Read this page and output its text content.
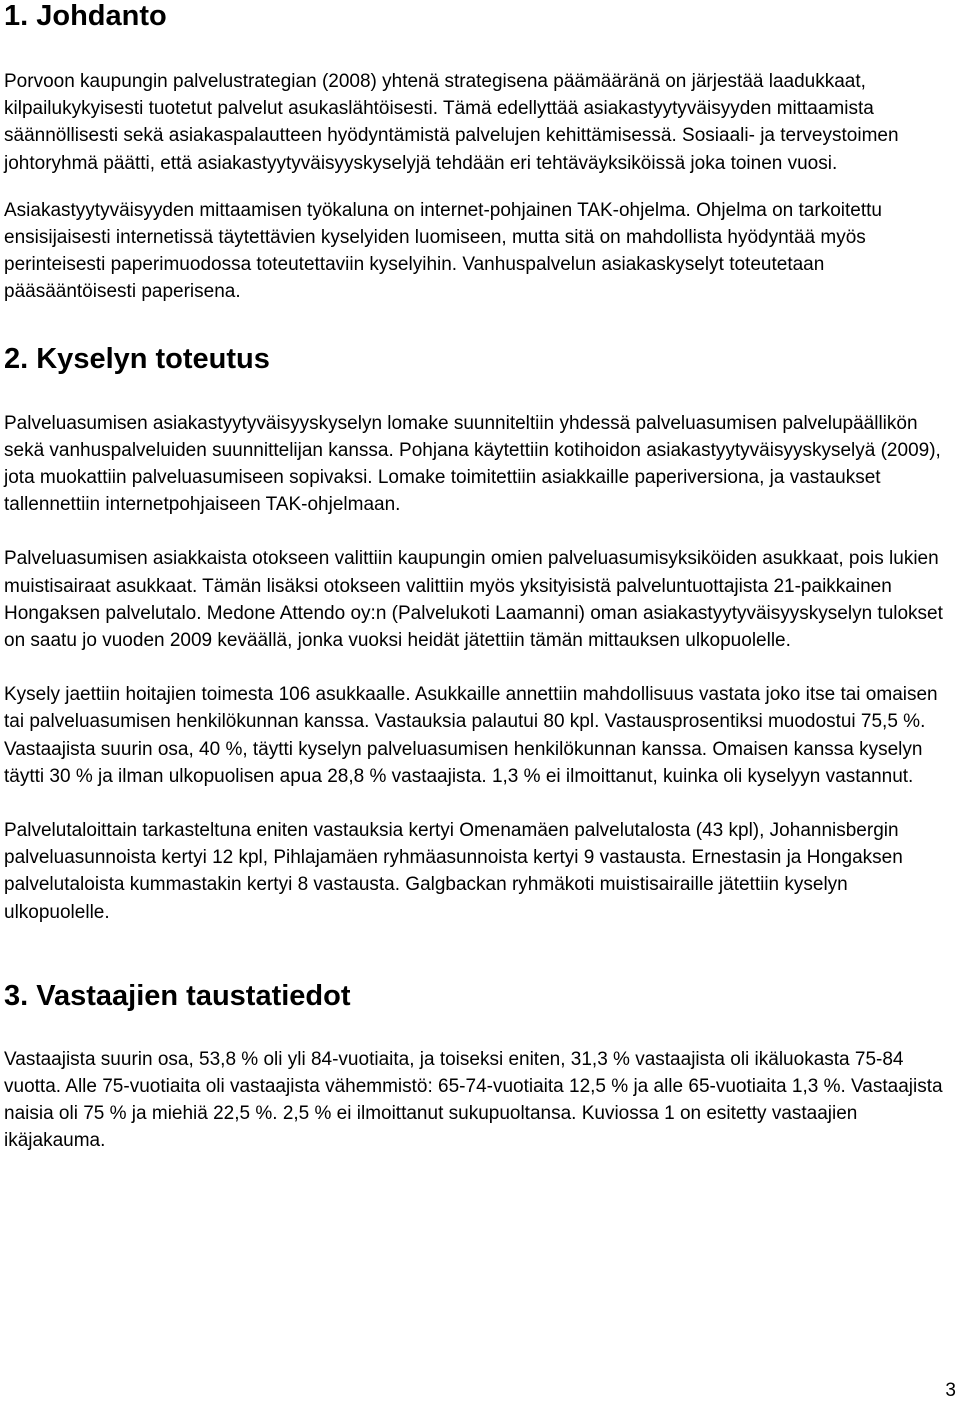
1. Johdanto

Porvoon kaupungin palvelustrategian (2008) yhtenä strategisena päämääränä on järjestää laadukkaat, kilpailukykyisesti tuotetut palvelut asukaslähtöisesti. Tämä edellyttää asiakastyytyväisyyden mittaamista säännöllisesti sekä asiakaspalautteen hyödyntämistä palvelujen kehittämisessä. Sosiaali- ja terveystoimen johtoryhmä päätti, että asiakastyytyväisyyskyselyjä tehdään eri tehtäväyksiköissä joka toinen vuosi.

Asiakastyytyväisyyden mittaamisen työkaluna on internet-pohjainen TAK-ohjelma. Ohjelma on tarkoitettu ensisijaisesti internetissä täytettävien kyselyiden luomiseen, mutta sitä on mahdollista hyödyntää myös perinteisesti paperimuodossa toteutettaviin kyselyihin. Vanhuspalvelun asiakaskyselyt toteutetaan pääsääntöisesti paperisena.

2. Kyselyn toteutus

Palveluasumisen asiakastyytyväisyyskyselyn lomake suunniteltiin yhdessä palveluasumisen palvelupäällikön sekä vanhuspalveluiden suunnittelijan kanssa. Pohjana käytettiin kotihoidon asiakastyytyväisyyskyselyä (2009), jota muokattiin palveluasumiseen sopivaksi. Lomake toimitettiin asiakkaille paperiversiona, ja vastaukset tallennettiin internetpohjaiseen TAK-ohjelmaan.

Palveluasumisen asiakkaista otokseen valittiin kaupungin omien palveluasumisyksiköiden asukkaat, pois lukien muistisairaat asukkaat. Tämän lisäksi otokseen valittiin myös yksityisistä palveluntuottajista 21-paikkainen Hongaksen palvelutalo. Medone Attendo oy:n (Palvelukoti Laamanni) oman asiakastyytyväisyyskyselyn tulokset on saatu jo vuoden 2009 keväällä, jonka vuoksi heidät jätettiin tämän mittauksen ulkopuolelle.

Kysely jaettiin hoitajien toimesta 106 asukkaalle. Asukkaille annettiin mahdollisuus vastata joko itse tai omaisen tai palveluasumisen henkilökunnan kanssa. Vastauksia palautui 80 kpl. Vastausprosentiksi muodostui 75,5 %. Vastaajista suurin osa, 40 %, täytti kyselyn palveluasumisen henkilökunnan kanssa. Omaisen kanssa kyselyn täytti 30 % ja ilman ulkopuolisen apua 28,8 % vastaajista. 1,3 % ei ilmoittanut, kuinka oli kyselyyn vastannut.

Palvelutaloittain tarkasteltuna eniten vastauksia kertyi Omenamäen palvelutalosta (43 kpl), Johannisbergin palveluasunnoista kertyi 12 kpl, Pihlajamäen ryhmäasunnoista kertyi 9 vastausta. Ernestasin ja Hongaksen palvelutaloista kummastakin kertyi 8 vastausta. Galgbackan ryhmäkoti muistisairaille jätettiin kyselyn ulkopuolelle.

3. Vastaajien taustatiedot

Vastaajista suurin osa, 53,8 % oli yli 84-vuotiaita, ja toiseksi eniten, 31,3 % vastaajista oli ikäluokasta 75-84 vuotta. Alle 75-vuotiaita oli vastaajista vähemmistö: 65-74-vuotiaita 12,5 % ja alle 65-vuotiaita 1,3 %. Vastaajista naisia oli 75 % ja miehiä 22,5 %. 2,5 % ei ilmoittanut sukupuoltansa. Kuviossa 1 on esitetty vastaajien ikäjakauma.

3
